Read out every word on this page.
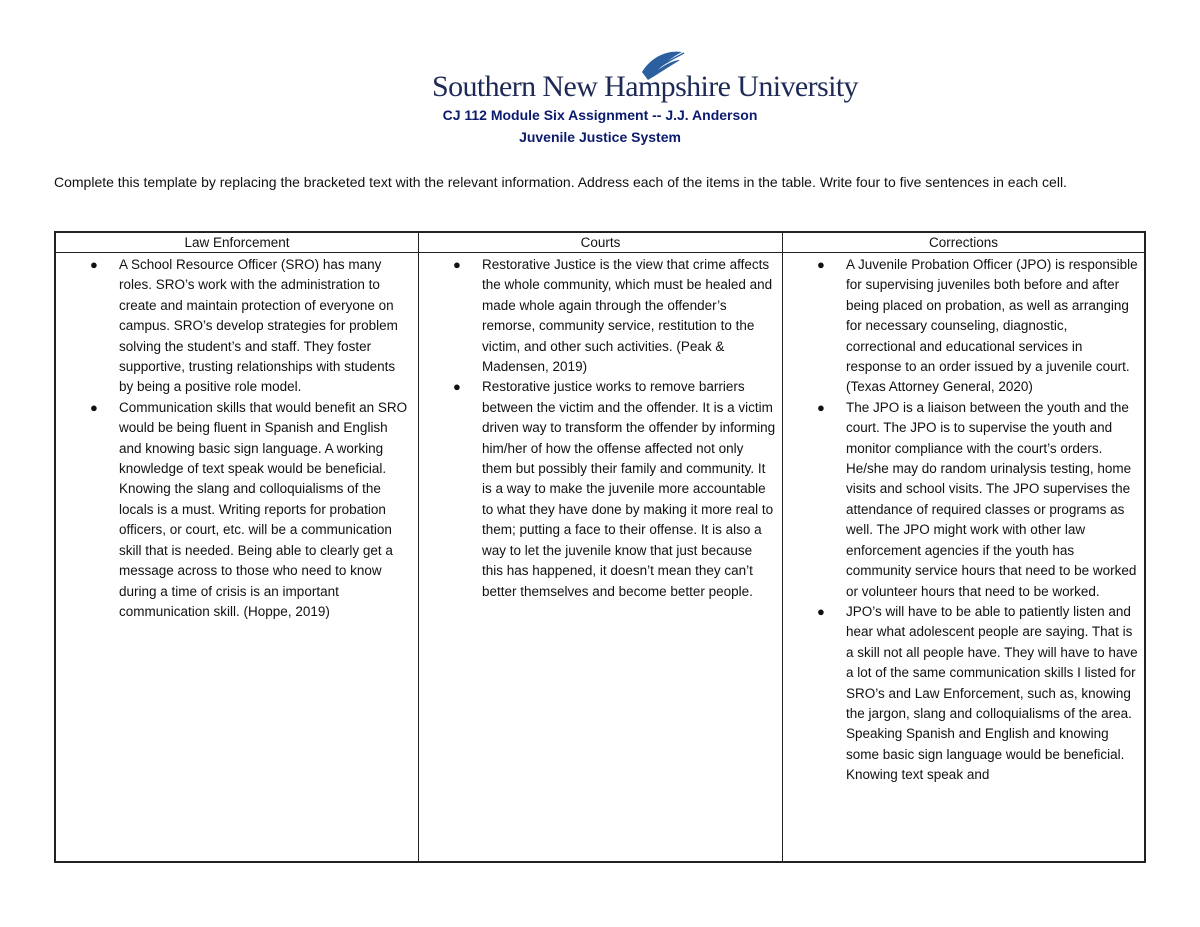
Southern New Hampshire University
CJ 112 Module Six Assignment -- J.J. Anderson
Juvenile Justice System
Complete this template by replacing the bracketed text with the relevant information. Address each of the items in the table. Write four to five sentences in each cell.
Law Enforcement
● A School Resource Officer (SRO) has many roles. SRO’s work with the administration to create and maintain protection of everyone on campus. SRO’s develop strategies for problem solving the student’s and staff. They foster supportive, trusting relationships with students by being a positive role model.
● Communication skills that would benefit an SRO would be being fluent in Spanish and English and knowing basic sign language. A working knowledge of text speak would be beneficial. Knowing the slang and colloquialisms of the locals is a must. Writing reports for probation officers, or court, etc. will be a communication skill that is needed. Being able to clearly get a message across to those who need to know during a time of crisis is an important communication skill. (Hoppe, 2019)
Courts
● Restorative Justice is the view that crime affects the whole community, which must be healed and made whole again through the offender’s remorse, community service, restitution to the victim, and other such activities. (Peak & Madensen, 2019)
● Restorative justice works to remove barriers between the victim and the offender. It is a victim driven way to transform the offender by informing him/her of how the offense affected not only them but possibly their family and community. It is a way to make the juvenile more accountable to what they have done by making it more real to them; putting a face to their offense. It is also a way to let the juvenile know that just because this has happened, it doesn’t mean they can’t better themselves and become better people.
Corrections
● A Juvenile Probation Officer (JPO) is responsible for supervising juveniles both before and after being placed on probation, as well as arranging for necessary counseling, diagnostic, correctional and educational services in response to an order issued by a juvenile court. (Texas Attorney General, 2020)
● The JPO is a liaison between the youth and the court. The JPO is to supervise the youth and monitor compliance with the court’s orders. He/she may do random urinalysis testing, home visits and school visits. The JPO supervises the attendance of required classes or programs as well. The JPO might work with other law enforcement agencies if the youth has community service hours that need to be worked or volunteer hours that need to be worked.
● JPO’s will have to be able to patiently listen and hear what adolescent people are saying. That is a skill not all people have. They will have to have a lot of the same communication skills I listed for SRO’s and Law Enforcement, such as, knowing the jargon, slang and colloquialisms of the area. Speaking Spanish and English and knowing some basic sign language would be beneficial. Knowing text speak and
